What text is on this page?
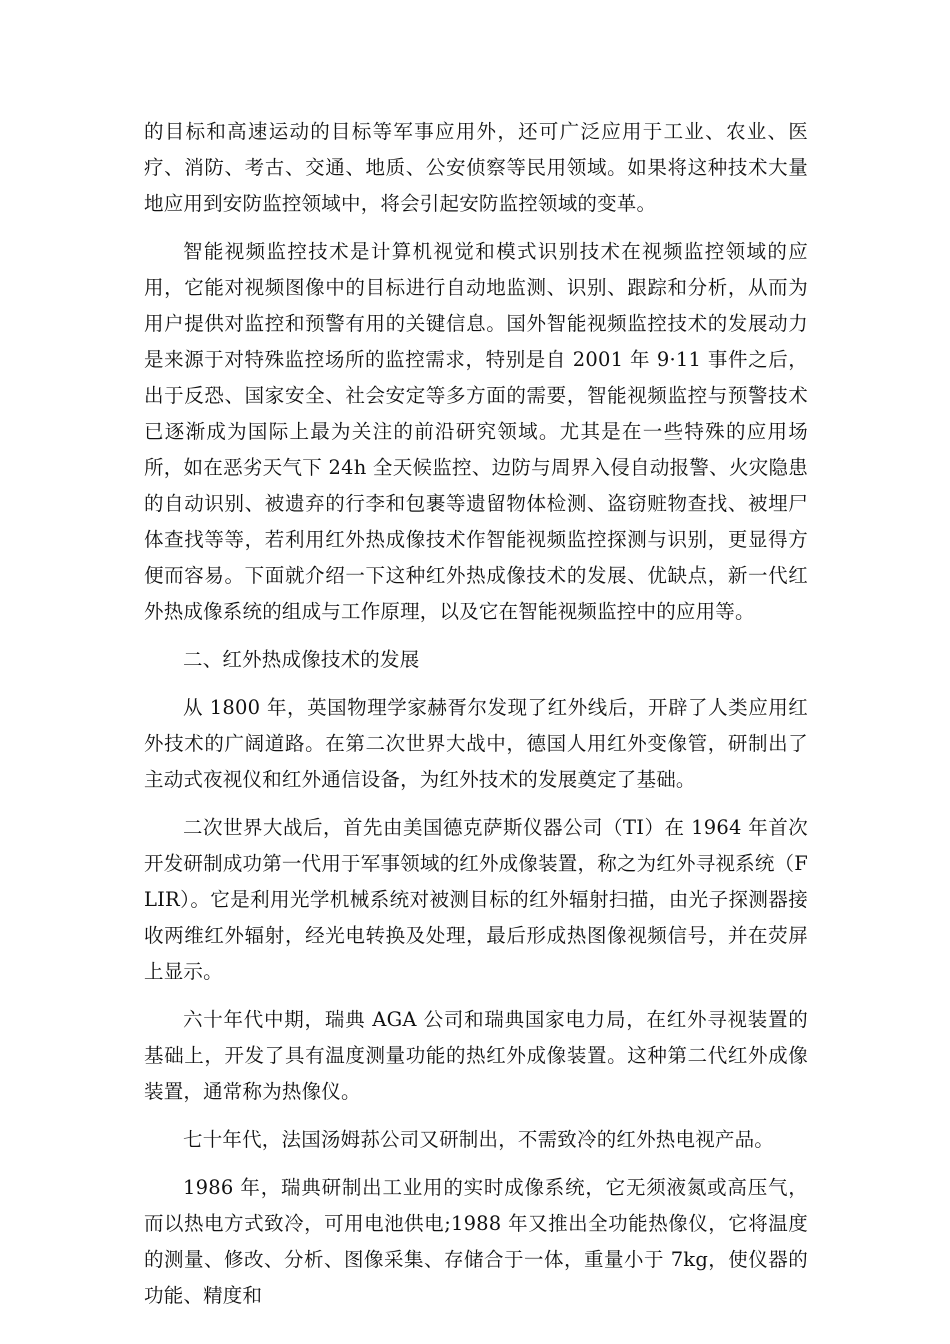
的目标和高速运动的目标等军事应用外，还可广泛应用于工业、农业、医疗、消防、考古、交通、地质、公安侦察等民用领域。如果将这种技术大量地应用到安防监控领域中，将会引起安防监控领域的变革。

智能视频监控技术是计算机视觉和模式识别技术在视频监控领域的应用，它能对视频图像中的目标进行自动地监测、识别、跟踪和分析，从而为用户提供对监控和预警有用的关键信息。国外智能视频监控技术的发展动力是来源于对特殊监控场所的监控需求，特别是自 2001 年 9·11 事件之后，出于反恐、国家安全、社会安定等多方面的需要，智能视频监控与预警技术已逐渐成为国际上最为关注的前沿研究领域。尤其是在一些特殊的应用场所，如在恶劣天气下 24h 全天候监控、边防与周界入侵自动报警、火灾隐患的自动识别、被遗弃的行李和包裹等遗留物体检测、盗窃赃物查找、被埋尸体查找等等，若利用红外热成像技术作智能视频监控探测与识别，更显得方便而容易。下面就介绍一下这种红外热成像技术的发展、优缺点，新一代红外热成像系统的组成与工作原理，以及它在智能视频监控中的应用等。

二、红外热成像技术的发展

从 1800 年，英国物理学家赫胥尔发现了红外线后，开辟了人类应用红外技术的广阔道路。在第二次世界大战中，德国人用红外变像管，研制出了主动式夜视仪和红外通信设备，为红外技术的发展奠定了基础。

二次世界大战后，首先由美国德克萨斯仪器公司（TI）在 1964 年首次开发研制成功第一代用于军事领域的红外成像装置，称之为红外寻视系统（FLIR）。它是利用光学机械系统对被测目标的红外辐射扫描，由光子探测器接收两维红外辐射，经光电转换及处理，最后形成热图像视频信号，并在荧屏上显示。

六十年代中期，瑞典 AGA 公司和瑞典国家电力局，在红外寻视装置的基础上，开发了具有温度测量功能的热红外成像装置。这种第二代红外成像装置，通常称为热像仪。

七十年代，法国汤姆荪公司又研制出，不需致冷的红外热电视产品。

1986 年，瑞典研制出工业用的实时成像系统，它无须液氮或高压气，而以热电方式致冷，可用电池供电;1988 年又推出全功能热像仪，它将温度的测量、修改、分析、图像采集、存储合于一体，重量小于 7kg，使仪器的功能、精度和
